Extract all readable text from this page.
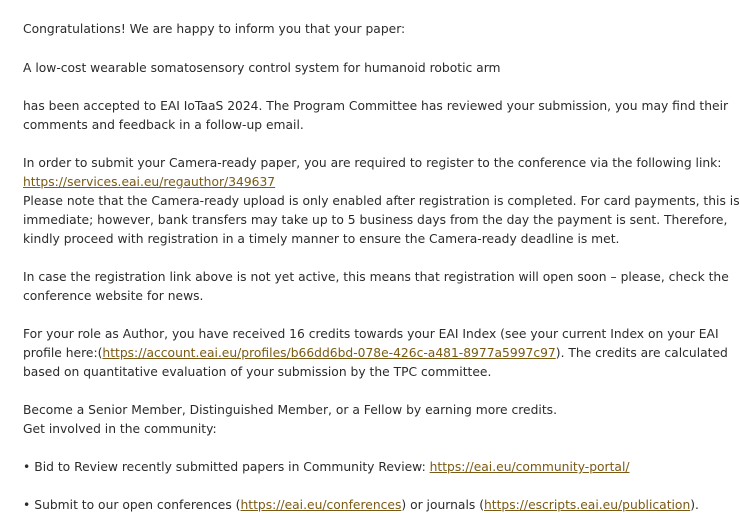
Congratulations! We are happy to inform you that your paper:
A low-cost wearable somatosensory control system for humanoid robotic arm
has been accepted to EAI IoTaaS 2024. The Program Committee has reviewed your submission, you may find their
comments and feedback in a follow-up email.
In order to submit your Camera-ready paper, you are required to register to the conference via the following link:
https://services.eai.eu/regauthor/349637
Please note that the Camera-ready upload is only enabled after registration is completed. For card payments, this is
immediate; however, bank transfers may take up to 5 business days from the day the payment is sent. Therefore,
kindly proceed with registration in a timely manner to ensure the Camera-ready deadline is met.
In case the registration link above is not yet active, this means that registration will open soon – please, check the
conference website for news.
For your role as Author, you have received 16 credits towards your EAI Index (see your current Index on your EAI
profile here:(https://account.eai.eu/profiles/b66dd6bd-078e-426c-a481-8977a5997c97). The credits are calculated
based on quantitative evaluation of your submission by the TPC committee.
Become a Senior Member, Distinguished Member, or a Fellow by earning more credits.
Get involved in the community:
• Bid to Review recently submitted papers in Community Review: https://eai.eu/community-portal/
• Submit to our open conferences (https://eai.eu/conferences) or journals (https://escripts.eai.eu/publication).
